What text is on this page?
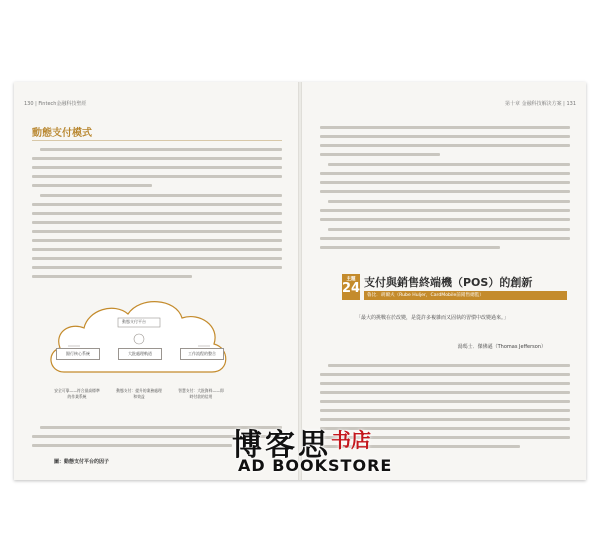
130 | Fintech金融科技聖經
動態支付模式
動態支付平台
銀行核心系統	大批處理軌道	工作流程的整合
安全可靠——符合最高標準的作業系統
動態支付：提升的業務處理和效益
智慧支付：大批資料——即時付款的信用
圖：動態支付平台的因子
第十章 金融科技解決方案 | 131
主題
24 支付與銷售終端機（POS）的創新
魯比．胡爾夫（Rube Huljer，CardMobile前銷售總監）
「最大的挑戰在於改變，是從許多複雜而又固執的習慣中改變過來。」
湯瑪士．傑佛遜（Thomas Jefferson）
博客思$^{书店}$
AD BOOKSTORE
